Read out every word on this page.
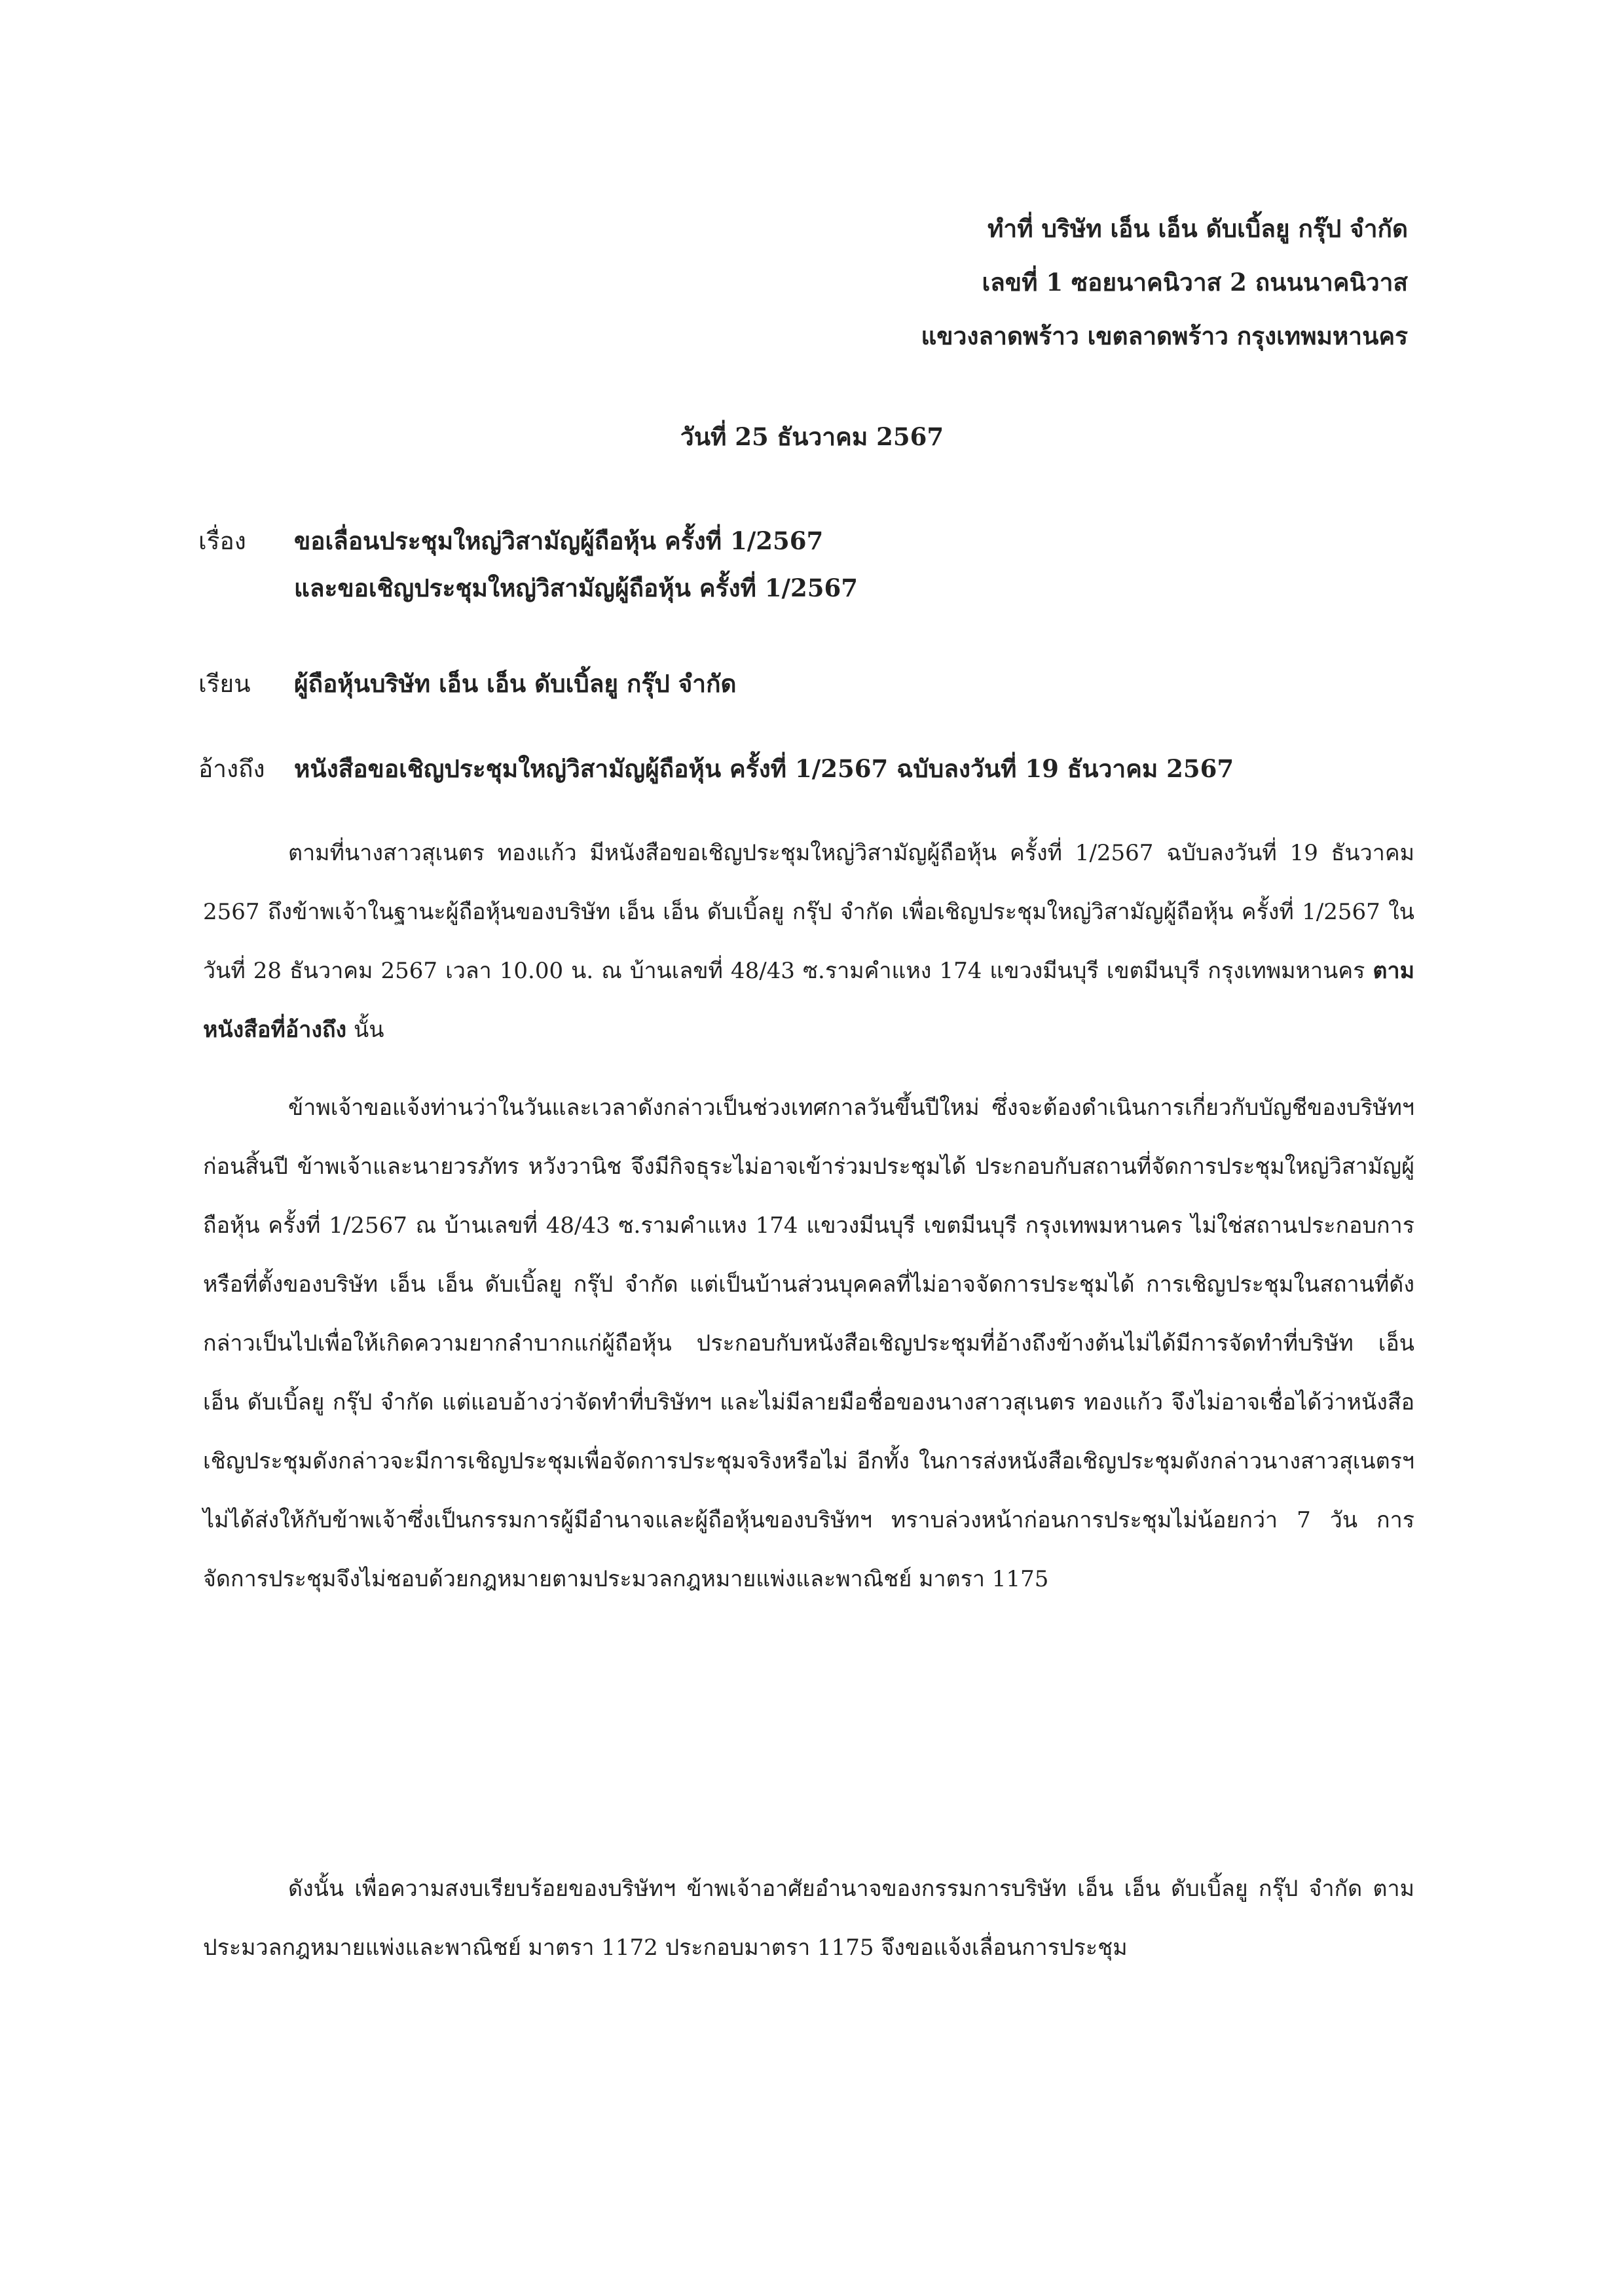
ทำที่ บริษัท เอ็น เอ็น ดับเบิ้ลยู กรุ๊ป จำกัด
เลขที่ 1 ซอยนาคนิวาส 2 ถนนนาคนิวาส
แขวงลาดพร้าว เขตลาดพร้าว กรุงเทพมหานคร
วันที่ 25 ธันวาคม 2567
เรื่อง ขอเลื่อนประชุมใหญ่วิสามัญผู้ถือหุ้น ครั้งที่ 1/2567
และขอเชิญประชุมใหญ่วิสามัญผู้ถือหุ้น ครั้งที่ 1/2567
เรียน ผู้ถือหุ้นบริษัท เอ็น เอ็น ดับเบิ้ลยู กรุ๊ป จำกัด
อ้างถึง หนังสือขอเชิญประชุมใหญ่วิสามัญผู้ถือหุ้น ครั้งที่ 1/2567 ฉบับลงวันที่ 19 ธันวาคม 2567
ตามที่นางสาวสุเนตร ทองแก้ว มีหนังสือขอเชิญประชุมใหญ่วิสามัญผู้ถือหุ้น ครั้งที่ 1/2567 ฉบับลงวันที่ 19 ธันวาคม 2567 ถึงข้าพเจ้าในฐานะผู้ถือหุ้นของบริษัท เอ็น เอ็น ดับเบิ้ลยู กรุ๊ป จำกัด เพื่อเชิญประชุมใหญ่วิสามัญผู้ถือหุ้น ครั้งที่ 1/2567 ในวันที่ 28 ธันวาคม 2567 เวลา 10.00 น. ณ บ้านเลขที่ 48/43 ซ.รามคำแหง 174 แขวงมีนบุรี เขตมีนบุรี กรุงเทพมหานคร ตามหนังสือที่อ้างถึง นั้น
ข้าพเจ้าขอแจ้งท่านว่าในวันและเวลาดังกล่าวเป็นช่วงเทศกาลวันขึ้นปีใหม่ ซึ่งจะต้องดำเนินการเกี่ยวกับบัญชีของบริษัทฯ ก่อนสิ้นปี ข้าพเจ้าและนายวรภัทร หวังวานิช จึงมีกิจธุระไม่อาจเข้าร่วมประชุมได้ ประกอบกับสถานที่จัดการประชุมใหญ่วิสามัญผู้ถือหุ้น ครั้งที่ 1/2567 ณ บ้านเลขที่ 48/43 ซ.รามคำแหง 174 แขวงมีนบุรี เขตมีนบุรี กรุงเทพมหานคร ไม่ใช่สถานประกอบการหรือที่ตั้งของบริษัท เอ็น เอ็น ดับเบิ้ลยู กรุ๊ป จำกัด แต่เป็นบ้านส่วนบุคคลที่ไม่อาจจัดการประชุมได้ การเชิญประชุมในสถานที่ดังกล่าวเป็นไปเพื่อให้เกิดความยากลำบากแก่ผู้ถือหุ้น ประกอบกับหนังสือเชิญประชุมที่อ้างถึงข้างต้นไม่ได้มีการจัดทำที่บริษัท เอ็น เอ็น ดับเบิ้ลยู กรุ๊ป จำกัด แต่แอบอ้างว่าจัดทำที่บริษัทฯ และไม่มีลายมือชื่อของนางสาวสุเนตร ทองแก้ว จึงไม่อาจเชื่อได้ว่าหนังสือเชิญประชุมดังกล่าวจะมีการเชิญประชุมเพื่อจัดการประชุมจริงหรือไม่ อีกทั้ง ในการส่งหนังสือเชิญประชุมดังกล่าวนางสาวสุเนตรฯ ไม่ได้ส่งให้กับข้าพเจ้าซึ่งเป็นกรรมการผู้มีอำนาจและผู้ถือหุ้นของบริษัทฯ ทราบล่วงหน้าก่อนการประชุมไม่น้อยกว่า 7 วัน การจัดการประชุมจึงไม่ชอบด้วยกฎหมายตามประมวลกฎหมายแพ่งและพาณิชย์ มาตรา 1175
ดังนั้น เพื่อความสงบเรียบร้อยของบริษัทฯ ข้าพเจ้าอาศัยอำนาจของกรรมการบริษัท เอ็น เอ็น ดับเบิ้ลยู กรุ๊ป จำกัด ตามประมวลกฎหมายแพ่งและพาณิชย์ มาตรา 1172 ประกอบมาตรา 1175 จึงขอแจ้งเลื่อนการประชุม
